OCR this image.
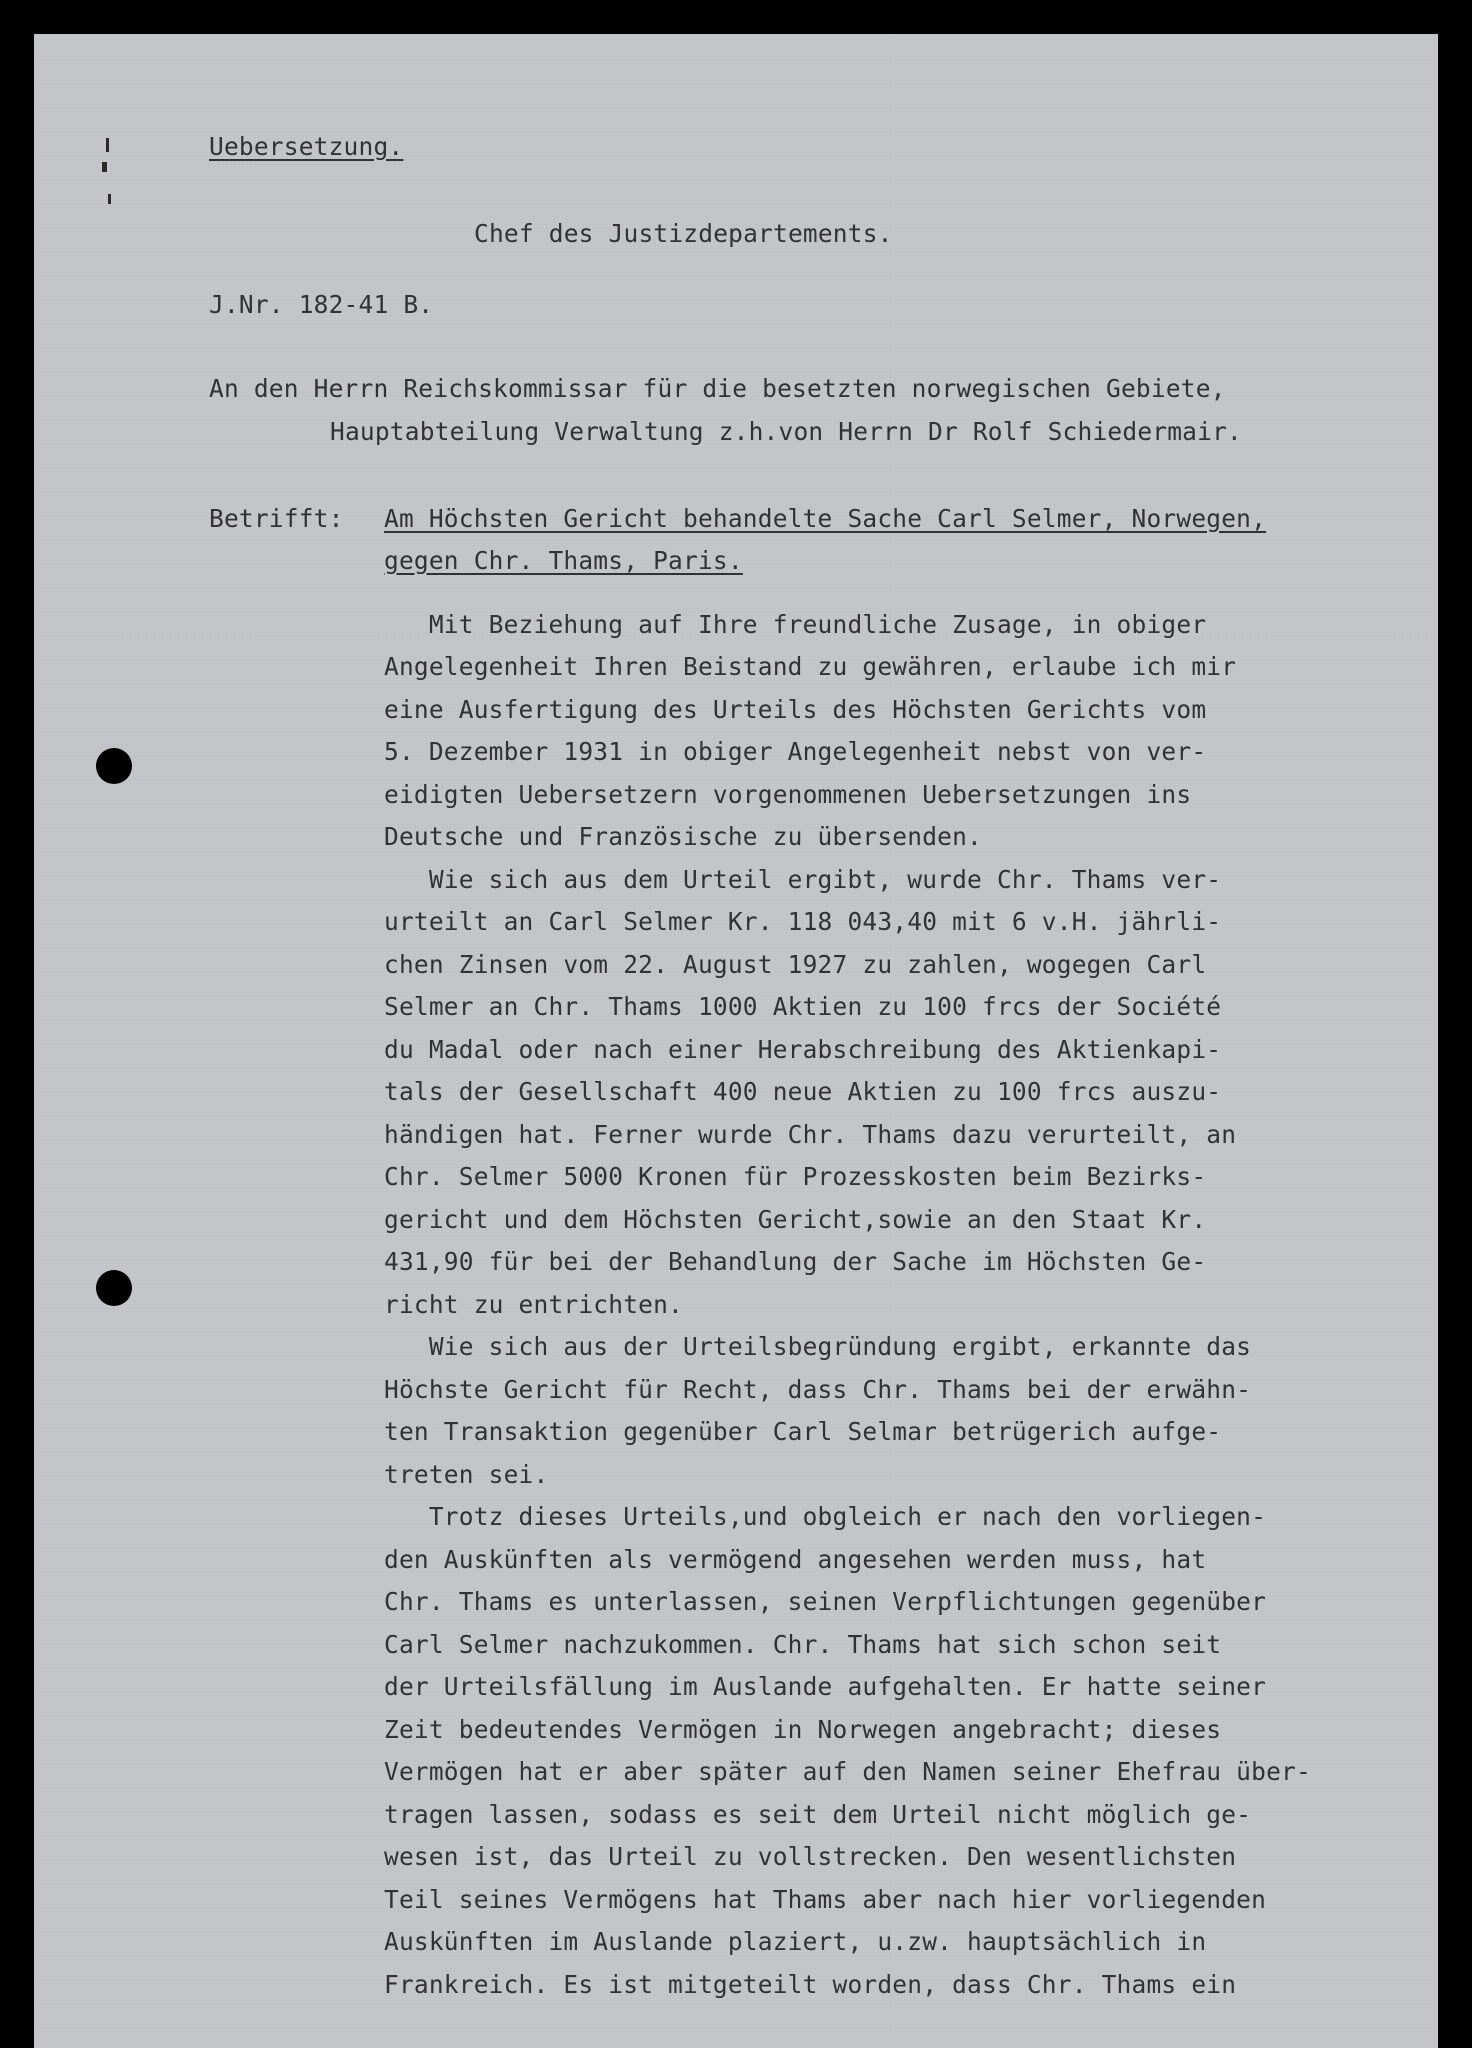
Uebersetzung.
Chef des Justizdepartements.
J.Nr. 182-41 B.
An den Herrn Reichskommissar für die besetzten norwegischen Gebiete,
Hauptabteilung Verwaltung z.h.von Herrn Dr Rolf Schiedermair.
Betrifft: Am Höchsten Gericht behandelte Sache Carl Selmer, Norwegen,
gegen Chr. Thams, Paris.
Mit Beziehung auf Ihre freundliche Zusage, in obiger
Angelegenheit Ihren Beistand zu gewähren, erlaube ich mir
eine Ausfertigung des Urteils des Höchsten Gerichts vom
5. Dezember 1931 in obiger Angelegenheit nebst von ver-
eidigten Uebersetzern vorgenommenen Uebersetzungen ins
Deutsche und Französische zu übersenden.
Wie sich aus dem Urteil ergibt, wurde Chr. Thams ver-
urteilt an Carl Selmer Kr. 118 043,40 mit 6 v.H. jährli-
chen Zinsen vom 22. August 1927 zu zahlen, wogegen Carl
Selmer an Chr. Thams 1000 Aktien zu 100 frcs der Société
du Madal oder nach einer Herabschreibung des Aktienkapi-
tals der Gesellschaft 400 neue Aktien zu 100 frcs auszu-
händigen hat. Ferner wurde Chr. Thams dazu verurteilt, an
Chr. Selmer 5000 Kronen für Prozesskosten beim Bezirks-
gericht und dem Höchsten Gericht,sowie an den Staat Kr.
431,90 für bei der Behandlung der Sache im Höchsten Ge-
richt zu entrichten.
Wie sich aus der Urteilsbegründung ergibt, erkannte das
Höchste Gericht für Recht, dass Chr. Thams bei der erwähn-
ten Transaktion gegenüber Carl Selmar betrügerich aufge-
treten sei.
Trotz dieses Urteils,und obgleich er nach den vorliegen-
den Auskünften als vermögend angesehen werden muss, hat
Chr. Thams es unterlassen, seinen Verpflichtungen gegenüber
Carl Selmer nachzukommen. Chr. Thams hat sich schon seit
der Urteilsfällung im Auslande aufgehalten. Er hatte seiner
Zeit bedeutendes Vermögen in Norwegen angebracht; dieses
Vermögen hat er aber später auf den Namen seiner Ehefrau über-
tragen lassen, sodass es seit dem Urteil nicht möglich ge-
wesen ist, das Urteil zu vollstrecken. Den wesentlichsten
Teil seines Vermögens hat Thams aber nach hier vorliegenden
Auskünften im Auslande plaziert, u.zw. hauptsächlich in
Frankreich. Es ist mitgeteilt worden, dass Chr. Thams ein
